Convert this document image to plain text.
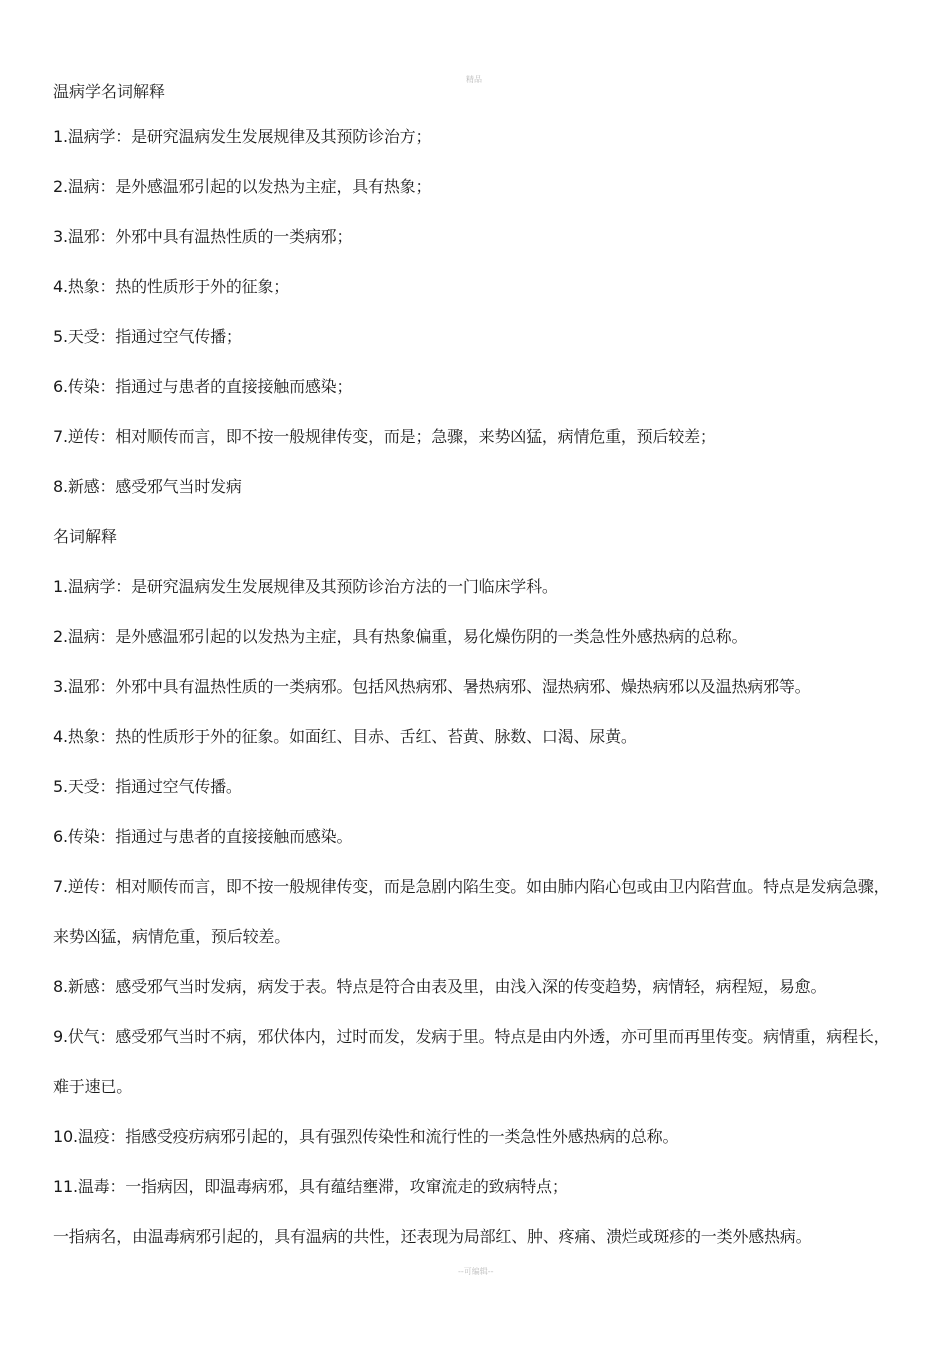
精品
温病学名词解释

1.温病学：是研究温病发生发展规律及其预防诊治方；

2.温病：是外感温邪引起的以发热为主症，具有热象；

3.温邪：外邪中具有温热性质的一类病邪；

4.热象：热的性质形于外的征象；

5.天受：指通过空气传播；

6.传染：指通过与患者的直接接触而感染；

7.逆传：相对顺传而言，即不按一般规律传变，而是；急骤，来势凶猛，病情危重，预后较差；

8.新感：感受邪气当时发病

名词解释

1.温病学：是研究温病发生发展规律及其预防诊治方法的一门临床学科。

2.温病：是外感温邪引起的以发热为主症，具有热象偏重，易化燥伤阴的一类急性外感热病的总称。

3.温邪：外邪中具有温热性质的一类病邪。包括风热病邪、暑热病邪、湿热病邪、燥热病邪以及温热病邪等。

4.热象：热的性质形于外的征象。如面红、目赤、舌红、苔黄、脉数、口渴、尿黄。

5.天受：指通过空气传播。

6.传染：指通过与患者的直接接触而感染。

7.逆传：相对顺传而言，即不按一般规律传变，而是急剧内陷生变。如由肺内陷心包或由卫内陷营血。特点是发病急骤，来势凶猛，病情危重，预后较差。

8.新感：感受邪气当时发病，病发于表。特点是符合由表及里，由浅入深的传变趋势，病情轻，病程短，易愈。

9.伏气：感受邪气当时不病，邪伏体内，过时而发，发病于里。特点是由内外透，亦可里而再里传变。病情重，病程长，难于速已。

10.温疫：指感受疫疠病邪引起的，具有强烈传染性和流行性的一类急性外感热病的总称。

11.温毒：一指病因，即温毒病邪，具有蕴结壅滞，攻窜流走的致病特点；

一指病名，由温毒病邪引起的，具有温病的共性，还表现为局部红、肿、疼痛、溃烂或斑疹的一类外感热病。

--可编辑--
